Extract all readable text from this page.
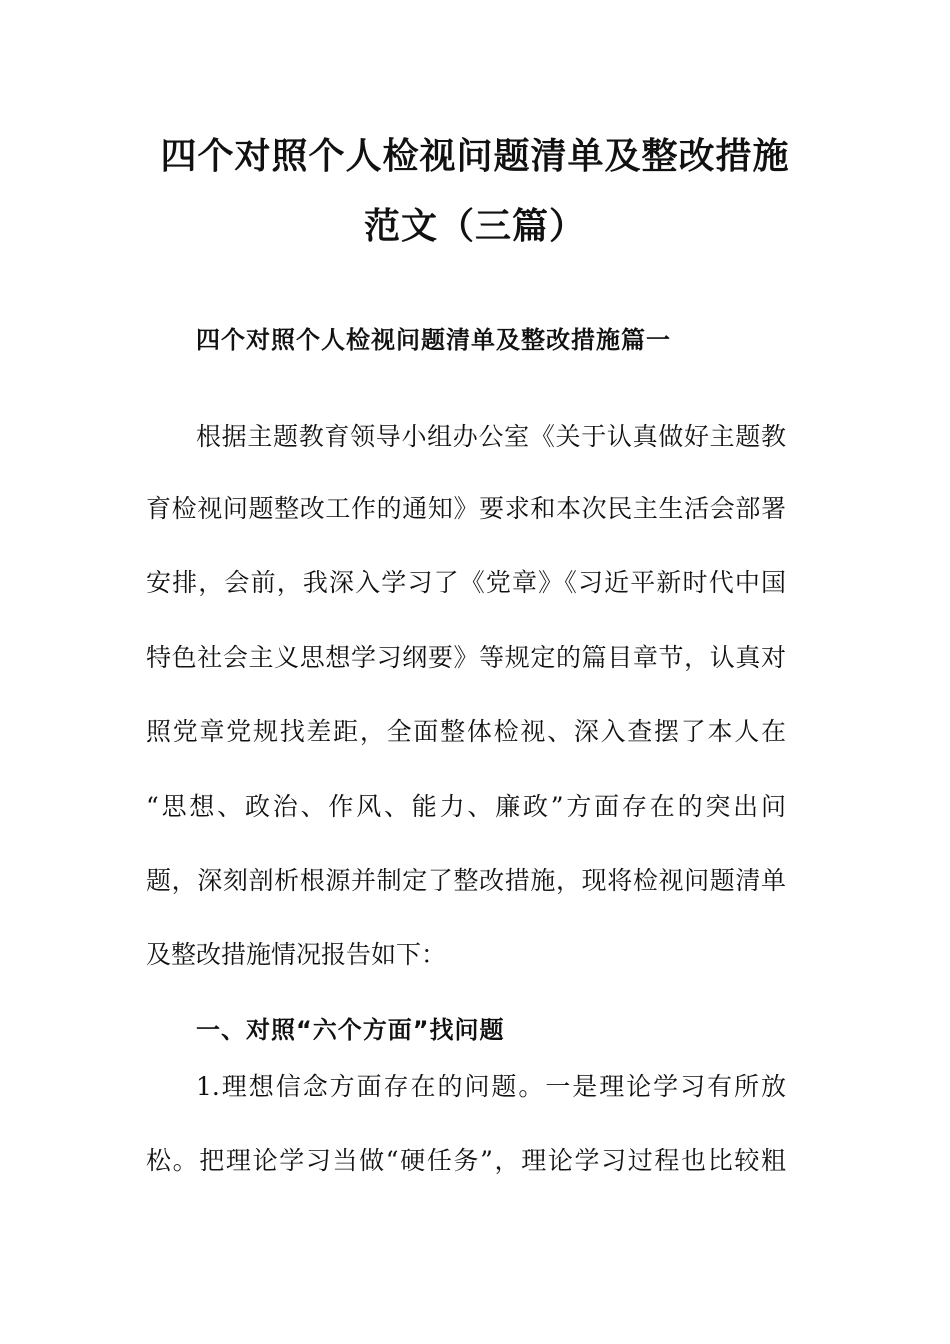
四个对照个人检视问题清单及整改措施
范文（三篇）
四个对照个人检视问题清单及整改措施篇一
根据主题教育领导小组办公室《关于认真做好主题教
育检视问题整改工作的通知》要求和本次民主生活会部署
安排，会前，我深入学习了《党章》《习近平新时代中国
特色社会主义思想学习纲要》等规定的篇目章节，认真对
照党章党规找差距，全面整体检视、深入查摆了本人在
“思想、政治、作风、能力、廉政”方面存在的突出问
题，深刻剖析根源并制定了整改措施，现将检视问题清单
及整改措施情况报告如下：
一、对照“六个方面”找问题
1.理想信念方面存在的问题。一是理论学习有所放
松。把理论学习当做“硬任务”，理论学习过程也比较粗
